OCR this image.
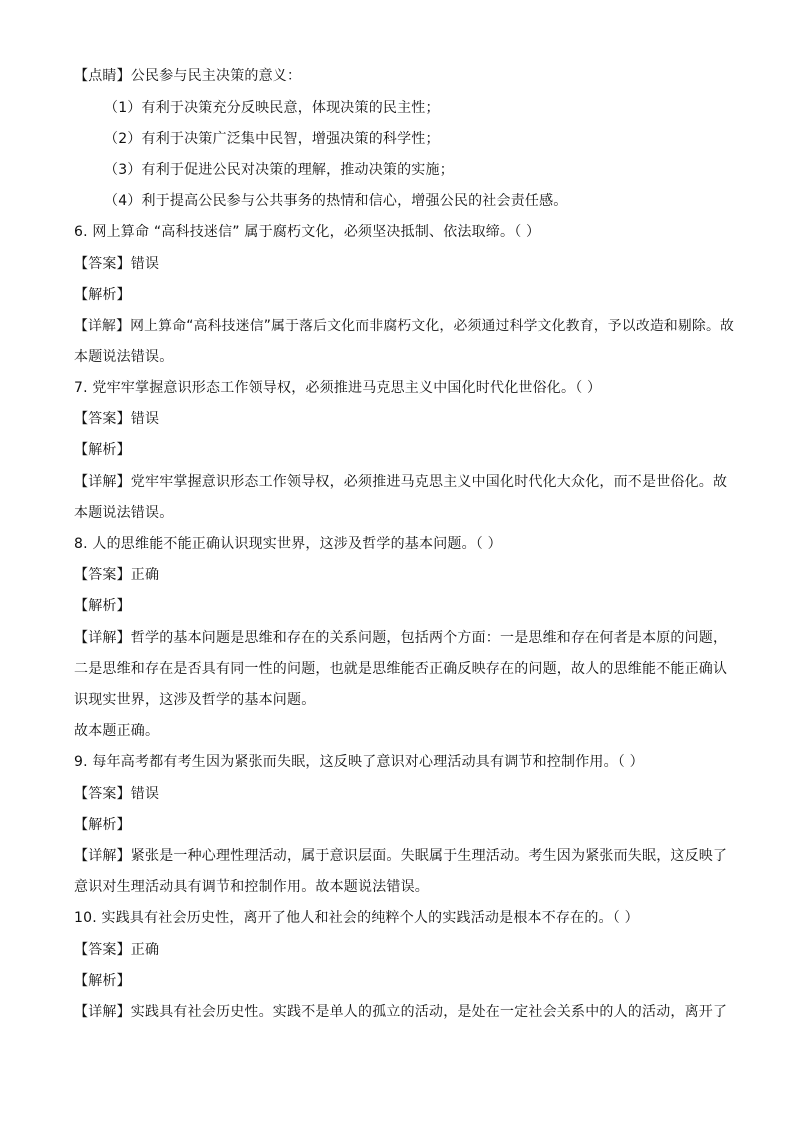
【点睛】公民参与民主决策的意义：
（1）有利于决策充分反映民意，体现决策的民主性；
（2）有利于决策广泛集中民智，增强决策的科学性；
（3）有利于促进公民对决策的理解，推动决策的实施；
（4）利于提高公民参与公共事务的热情和信心，增强公民的社会责任感。
6. 网上算命 “高科技迷信” 属于腐朽文化，必须坚决抵制、依法取缔。（ ）
【答案】错误
【解析】
【详解】网上算命“高科技迷信”属于落后文化而非腐朽文化，必须通过科学文化教育，予以改造和剔除。故
本题说法错误。
7. 党牢牢掌握意识形态工作领导权，必须推进马克思主义中国化时代化世俗化。（ ）
【答案】错误
【解析】
【详解】党牢牢掌握意识形态工作领导权，必须推进马克思主义中国化时代化大众化，而不是世俗化。故
本题说法错误。
8. 人的思维能不能正确认识现实世界，这涉及哲学的基本问题。（ ）
【答案】正确
【解析】
【详解】哲学的基本问题是思维和存在的关系问题，包括两个方面：一是思维和存在何者是本原的问题，
二是思维和存在是否具有同一性的问题，也就是思维能否正确反映存在的问题，故人的思维能不能正确认
识现实世界，这涉及哲学的基本问题。
故本题正确。
9. 每年高考都有考生因为紧张而失眠，这反映了意识对心理活动具有调节和控制作用。（ ）
【答案】错误
【解析】
【详解】紧张是一种心理性理活动，属于意识层面。失眠属于生理活动。考生因为紧张而失眠，这反映了
意识对生理活动具有调节和控制作用。故本题说法错误。
10. 实践具有社会历史性，离开了他人和社会的纯粹个人的实践活动是根本不存在的。（ ）
【答案】正确
【解析】
【详解】实践具有社会历史性。实践不是单人的孤立的活动，是处在一定社会关系中的人的活动，离开了
